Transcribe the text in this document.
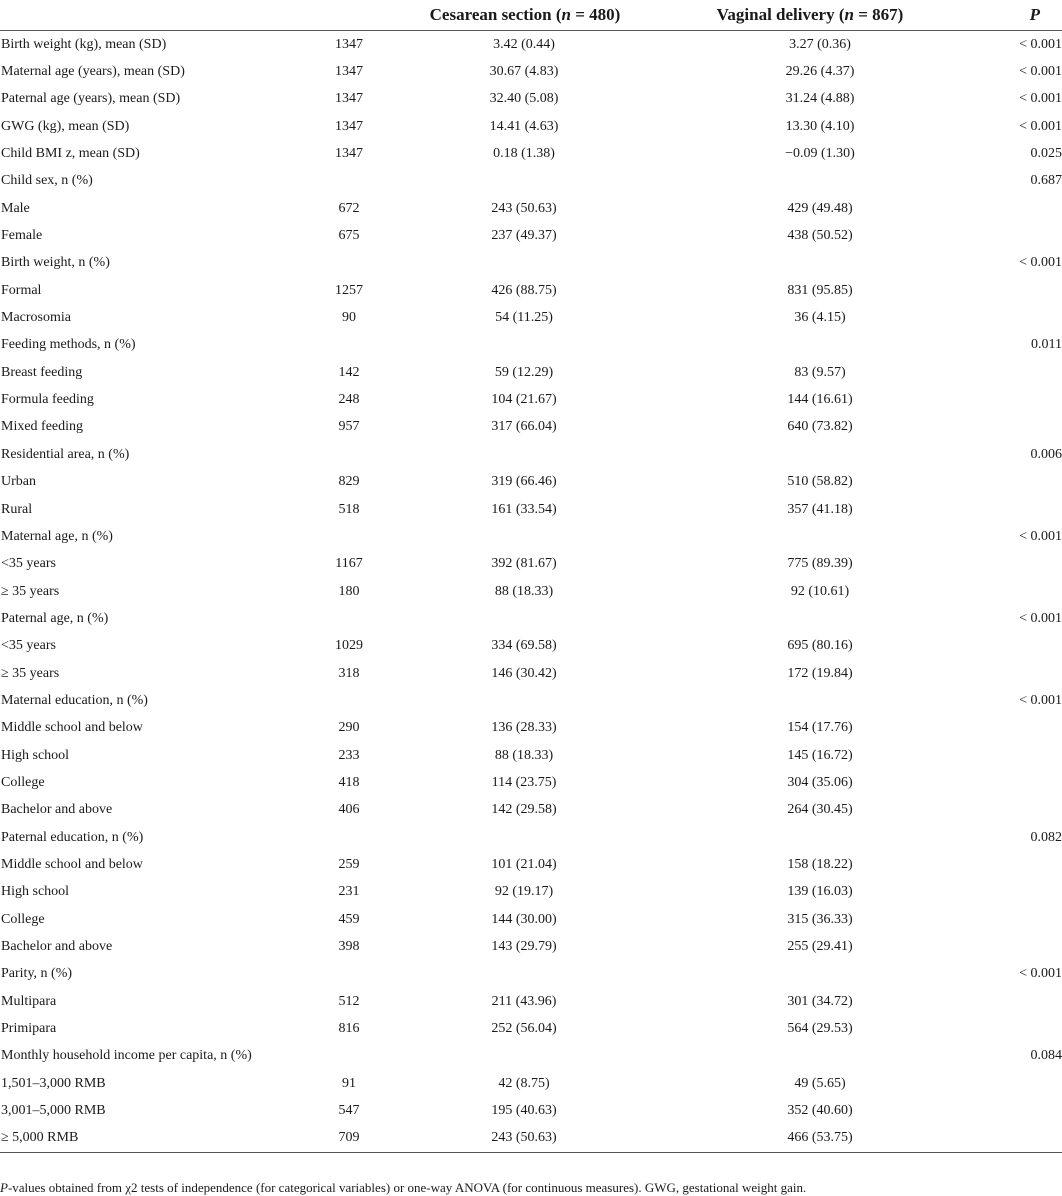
		Cesarean section (n = 480)	Vaginal delivery (n = 867)	P
Birth weight (kg), mean (SD)	1347	3.42 (0.44)	3.27 (0.36)	< 0.001
Maternal age (years), mean (SD)	1347	30.67 (4.83)	29.26 (4.37)	< 0.001
Paternal age (years), mean (SD)	1347	32.40 (5.08)	31.24 (4.88)	< 0.001
GWG (kg), mean (SD)	1347	14.41 (4.63)	13.30 (4.10)	< 0.001
Child BMI z, mean (SD)	1347	0.18 (1.38)	−0.09 (1.30)	0.025
Child sex, n (%)				0.687
Male	672	243 (50.63)	429 (49.48)	
Female	675	237 (49.37)	438 (50.52)	
Birth weight, n (%)				< 0.001
Formal	1257	426 (88.75)	831 (95.85)	
Macrosomia	90	54 (11.25)	36 (4.15)	
Feeding methods, n (%)				0.011
Breast feeding	142	59 (12.29)	83 (9.57)	
Formula feeding	248	104 (21.67)	144 (16.61)	
Mixed feeding	957	317 (66.04)	640 (73.82)	
Residential area, n (%)				0.006
Urban	829	319 (66.46)	510 (58.82)	
Rural	518	161 (33.54)	357 (41.18)	
Maternal age, n (%)				< 0.001
<35 years	1167	392 (81.67)	775 (89.39)	
≥ 35 years	180	88 (18.33)	92 (10.61)	
Paternal age, n (%)				< 0.001
<35 years	1029	334 (69.58)	695 (80.16)	
≥ 35 years	318	146 (30.42)	172 (19.84)	
Maternal education, n (%)				< 0.001
Middle school and below	290	136 (28.33)	154 (17.76)	
High school	233	88 (18.33)	145 (16.72)	
College	418	114 (23.75)	304 (35.06)	
Bachelor and above	406	142 (29.58)	264 (30.45)	
Paternal education, n (%)				0.082
Middle school and below	259	101 (21.04)	158 (18.22)	
High school	231	92 (19.17)	139 (16.03)	
College	459	144 (30.00)	315 (36.33)	
Bachelor and above	398	143 (29.79)	255 (29.41)	
Parity, n (%)				< 0.001
Multipara	512	211 (43.96)	301 (34.72)	
Primipara	816	252 (56.04)	564 (29.53)	
Monthly household income per capita, n (%)				0.084
1,501–3,000 RMB	91	42 (8.75)	49 (5.65)	
3,001–5,000 RMB	547	195 (40.63)	352 (40.60)	
≥ 5,000 RMB	709	243 (50.63)	466 (53.75)	
P-values obtained from χ2 tests of independence (for categorical variables) or one-way ANOVA (for continuous measures). GWG, gestational weight gain.
